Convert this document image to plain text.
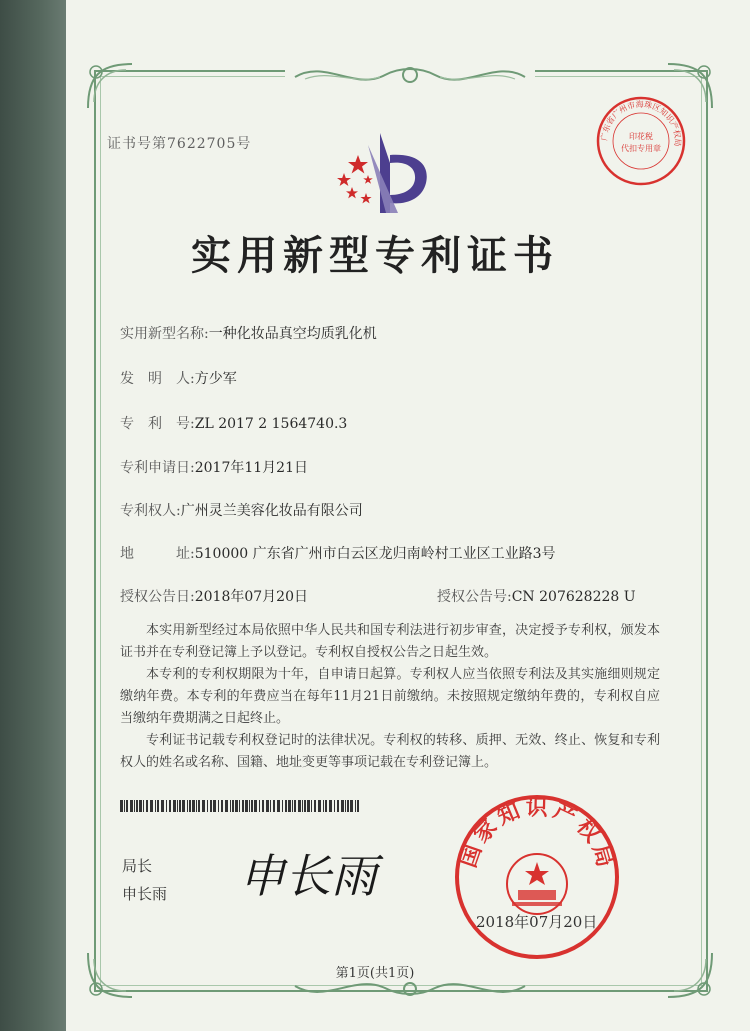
证书号第7622705号	广东省广州市海珠区知识产权局
印花税
代扣专用章
实用新型专利证书
实用新型名称:一种化妆品真空均质乳化机
发　明　人:方少军
专　利　号:ZL 2017 2 1564740.3
专利申请日:2017年11月21日
专利权人:广州灵兰美容化妆品有限公司
地　　　址:510000 广东省广州市白云区龙归南岭村工业区工业路3号
授权公告日:2018年07月20日	授权公告号:CN 207628228 U

本实用新型经过本局依照中华人民共和国专利法进行初步审查，决定授予专利权，颁发本证书并在专利登记簿上予以登记。专利权自授权公告之日起生效。

本专利的专利权期限为十年，自申请日起算。专利权人应当依照专利法及其实施细则规定缴纳年费。本专利的年费应当在每年11月21日前缴纳。未按照规定缴纳年费的，专利权自应当缴纳年费期满之日起终止。

专利证书记载专利权登记时的法律状况。专利权的转移、质押、无效、终止、恢复和专利权人的姓名或名称、国籍、地址变更等事项记载在专利登记簿上。

局长
申长雨 申长雨	国家知识产权局
2018年07月20日
第1页(共1页)
